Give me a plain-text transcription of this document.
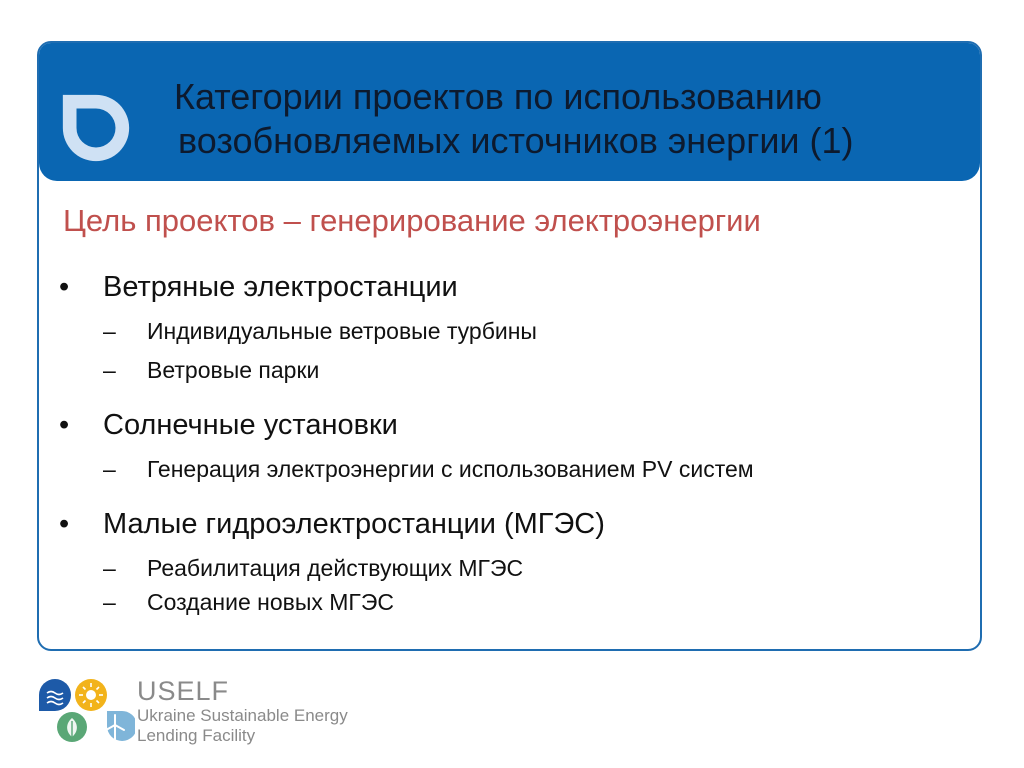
Категории проектов по использованию
возобновляемых источников энергии (1)
Цель проектов – генерирование электроэнергии
• Ветряные электростанции
– Индивидуальные ветровые турбины
– Ветровые парки
• Солнечные установки
– Генерация электроэнергии с использованием PV систем
• Малые гидроэлектростанции (МГЭС)
– Реабилитация действующих МГЭС
– Создание новых МГЭС
USELF
Ukraine Sustainable Energy
Lending Facility
